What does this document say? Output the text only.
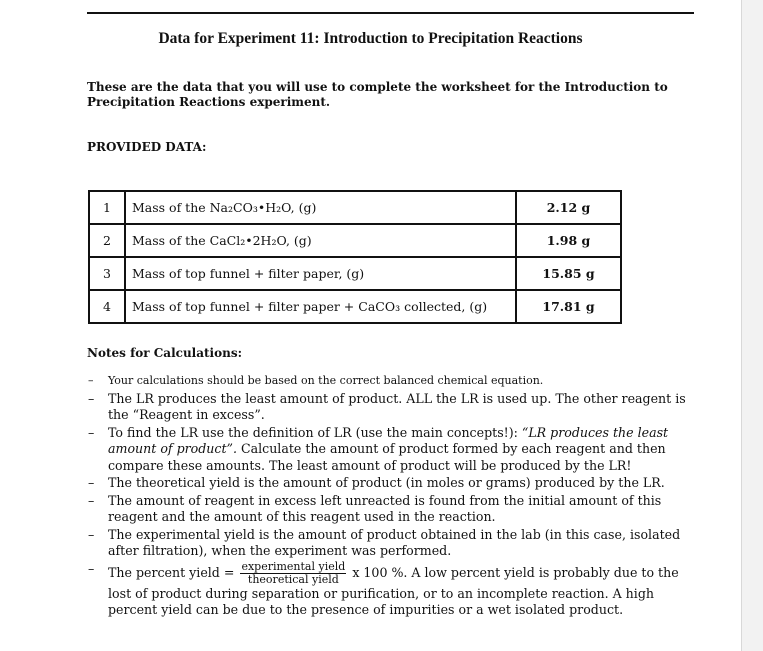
Data for Experiment 11: Introduction to Precipitation Reactions
These are the data that you will use to complete the worksheet for the Introduction to Precipitation Reactions experiment.
PROVIDED DATA:
1	Mass of the Na₂CO₃•H₂O, (g)	2.12 g
2	Mass of the CaCl₂•2H₂O, (g)	1.98 g
3	Mass of top funnel + filter paper, (g)	15.85 g
4	Mass of top funnel + filter paper + CaCO₃ collected, (g)	17.81 g
Notes for Calculations:
– Your calculations should be based on the correct balanced chemical equation.
– The LR produces the least amount of product. ALL the LR is used up. The other reagent is the “Reagent in excess”.
– To find the LR use the definition of LR (use the main concepts!): “LR produces the least amount of product”. Calculate the amount of product formed by each reagent and then compare these amounts. The least amount of product will be produced by the LR!
– The theoretical yield is the amount of product (in moles or grams) produced by the LR.
– The amount of reagent in excess left unreacted is found from the initial amount of this reagent and the amount of this reagent used in the reaction.
– The experimental yield is the amount of product obtained in the lab (in this case, isolated after filtration), when the experiment was performed.
– The percent yield = $\frac{\text{experimental yield}}{\text{theoretical yield}}$ x 100 %. A low percent yield is probably due to the lost of product during separation or purification, or to an incomplete reaction. A high percent yield can be due to the presence of impurities or a wet isolated product.
